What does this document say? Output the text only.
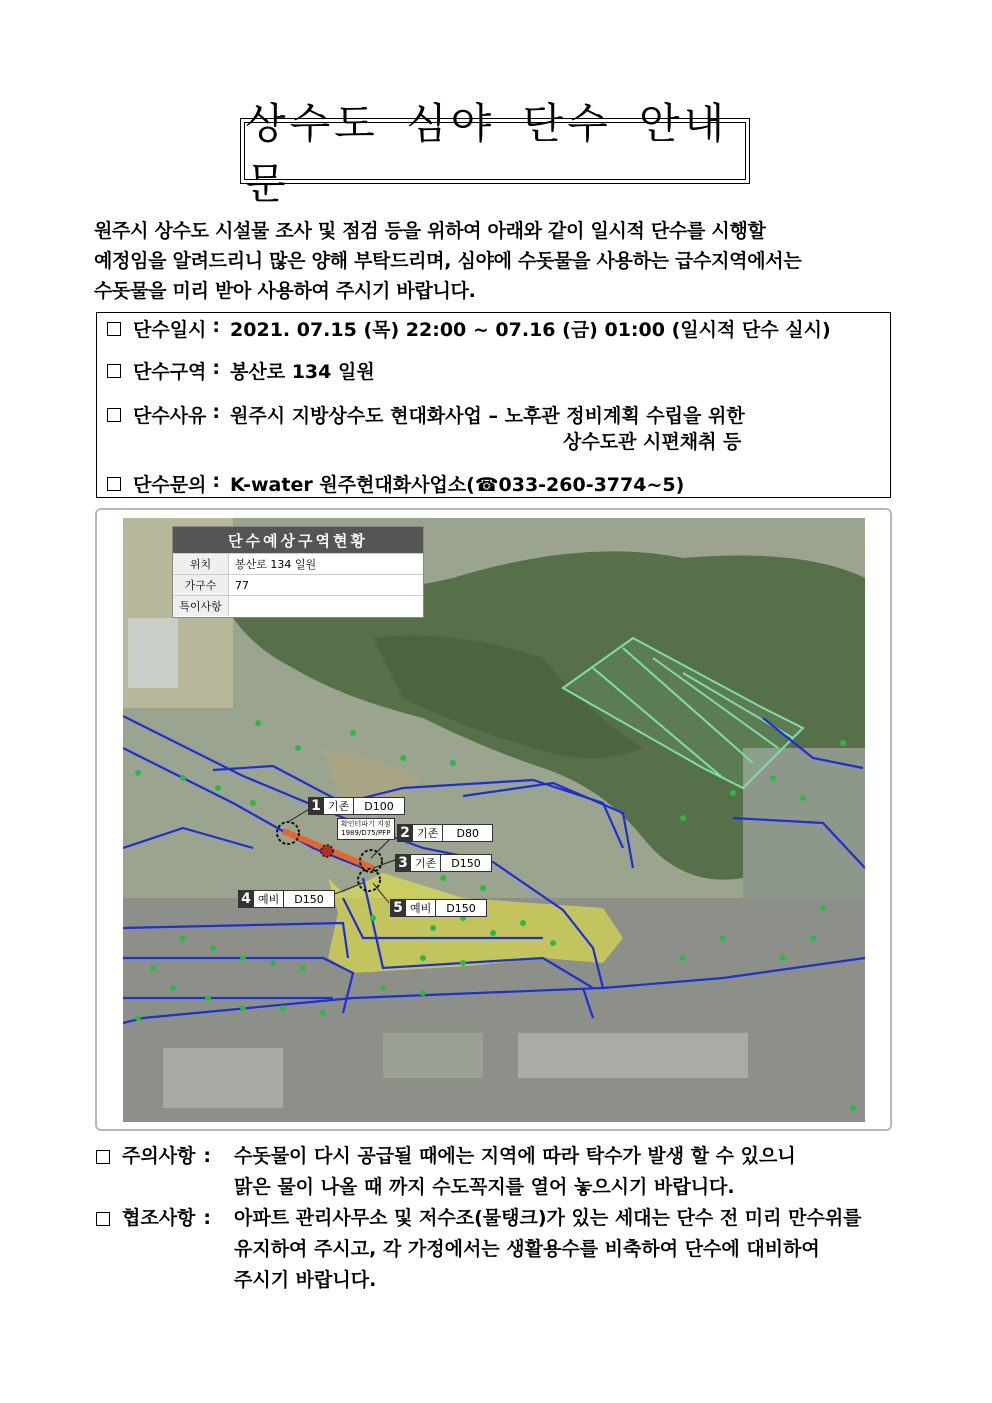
상수도 심야 단수 안내문
원주시 상수도 시설물 조사 및 점검 등을 위하여 아래와 같이 일시적 단수를 시행할
예정임을 알려드리니 많은 양해 부탁드리며, 심야에 수돗물을 사용하는 급수지역에서는
수돗물을 미리 받아 사용하여 주시기 바랍니다.
단수일시 : 2021. 07.15 (목) 22:00 ~ 07.16 (금) 01:00 (일시적 단수 실시)
단수구역 : 봉산로 134 일원
단수사유 : 원주시 지방상수도 현대화사업 – 노후관 정비계획 수립을 위한
상수도관 시편채취 등
단수문의 : K-water 원주현대화사업소(☎033-260-3774~5)
단수예상구역현황
위치	봉산로 134 일원
가구수	77
특이사항
1 기존	D100
확인터파기 지점
1989/D75/PFP 2 기존	D80
3 기존	D150
4 예비	D150
5 예비	D150
주의사항 : 수돗물이 다시 공급될 때에는 지역에 따라 탁수가 발생 할 수 있으니
맑은 물이 나올 때 까지 수도꼭지를 열어 놓으시기 바랍니다.
협조사항 : 아파트 관리사무소 및 저수조(물탱크)가 있는 세대는 단수 전 미리 만수위를
유지하여 주시고, 각 가정에서는 생활용수를 비축하여 단수에 대비하여
주시기 바랍니다.
